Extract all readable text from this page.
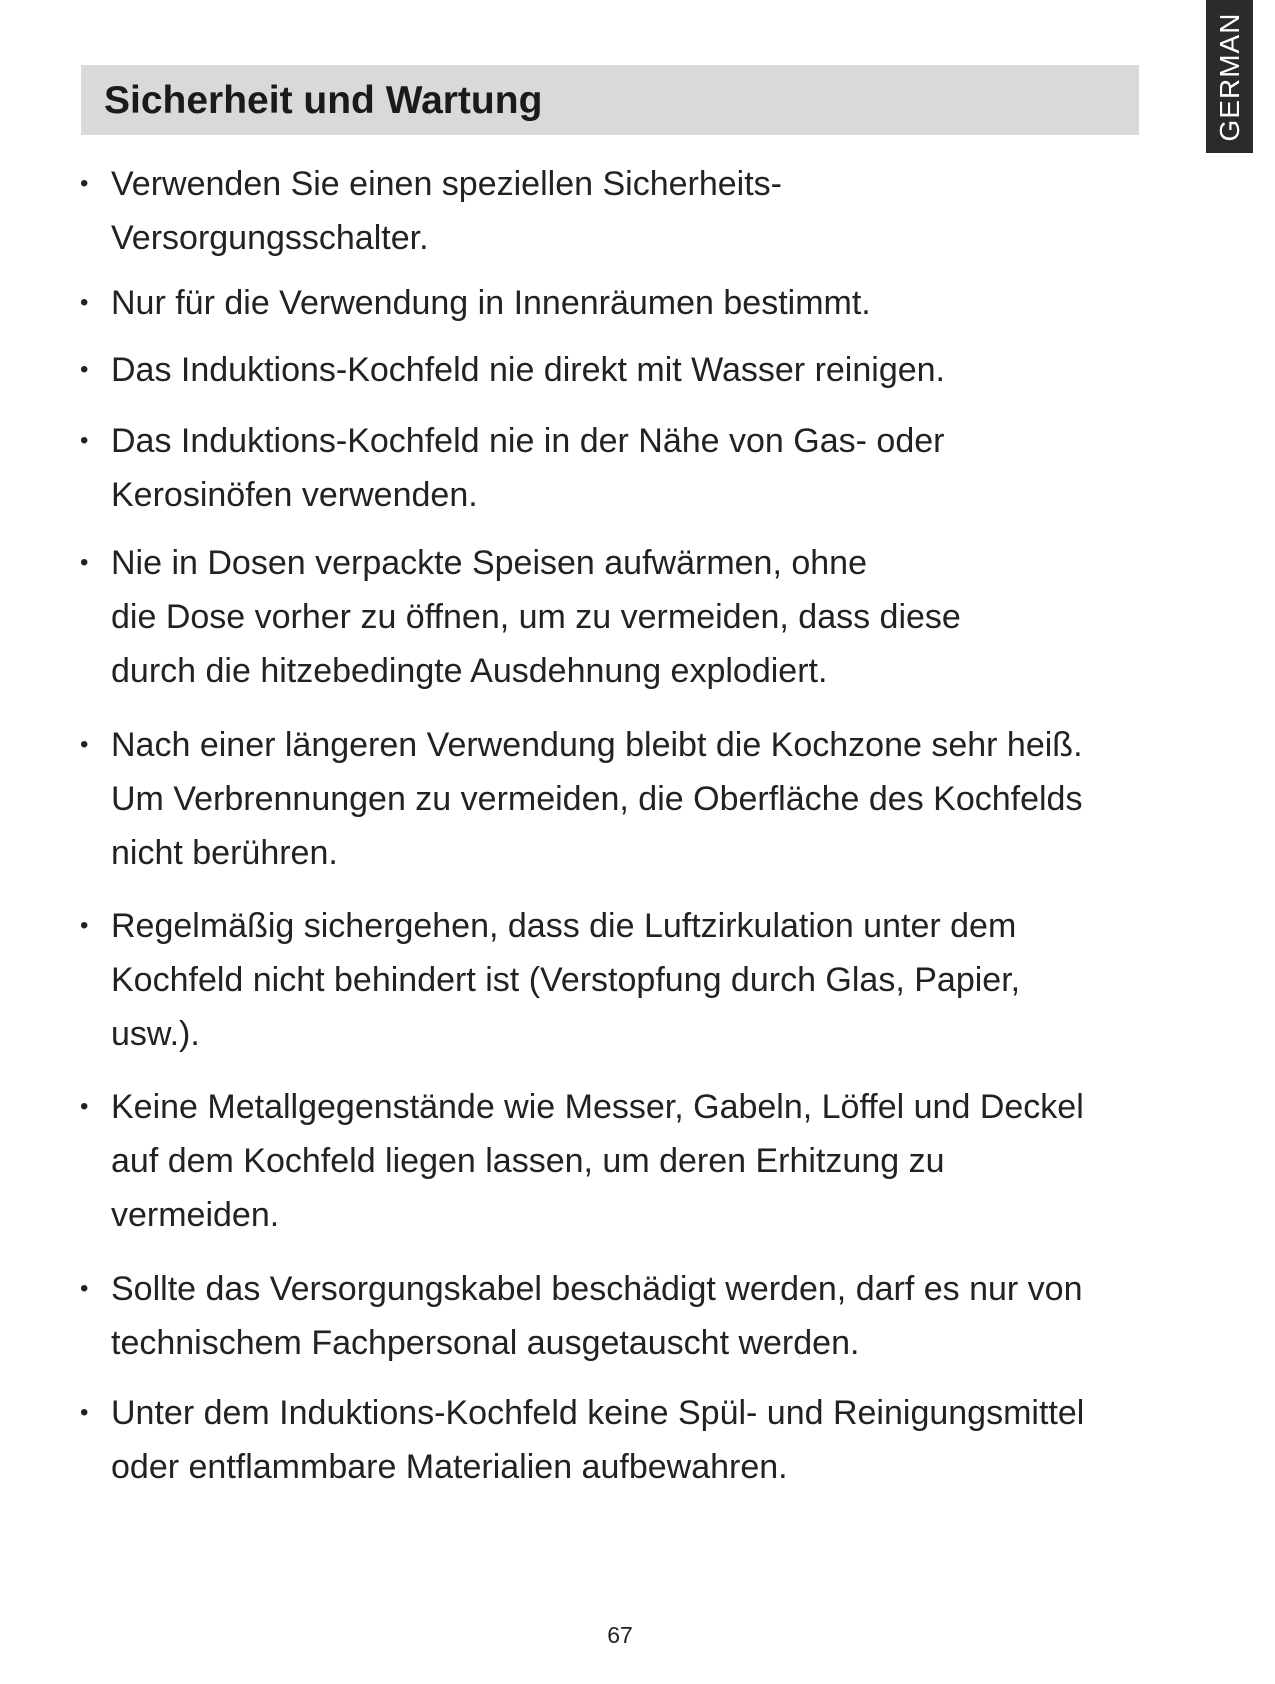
GERMAN
Sicherheit und Wartung
• Verwenden Sie einen speziellen Sicherheits-
Versorgungsschalter.
• Nur für die Verwendung in Innenräumen bestimmt.
• Das Induktions-Kochfeld nie direkt mit Wasser reinigen.
• Das Induktions-Kochfeld nie in der Nähe von Gas- oder
Kerosinöfen verwenden.
• Nie in Dosen verpackte Speisen aufwärmen, ohne
die Dose vorher zu öffnen, um zu vermeiden, dass diese
durch die hitzebedingte Ausdehnung explodiert.
• Nach einer längeren Verwendung bleibt die Kochzone sehr heiß.
Um Verbrennungen zu vermeiden, die Oberfläche des Kochfelds
nicht berühren.
• Regelmäßig sichergehen, dass die Luftzirkulation unter dem
Kochfeld nicht behindert ist (Verstopfung durch Glas, Papier,
usw.).
• Keine Metallgegenstände wie Messer, Gabeln, Löffel und Deckel
auf dem Kochfeld liegen lassen, um deren Erhitzung zu
vermeiden.
• Sollte das Versorgungskabel beschädigt werden, darf es nur von
technischem Fachpersonal ausgetauscht werden.
• Unter dem Induktions-Kochfeld keine Spül- und Reinigungsmittel
oder entflammbare Materialien aufbewahren.
67
